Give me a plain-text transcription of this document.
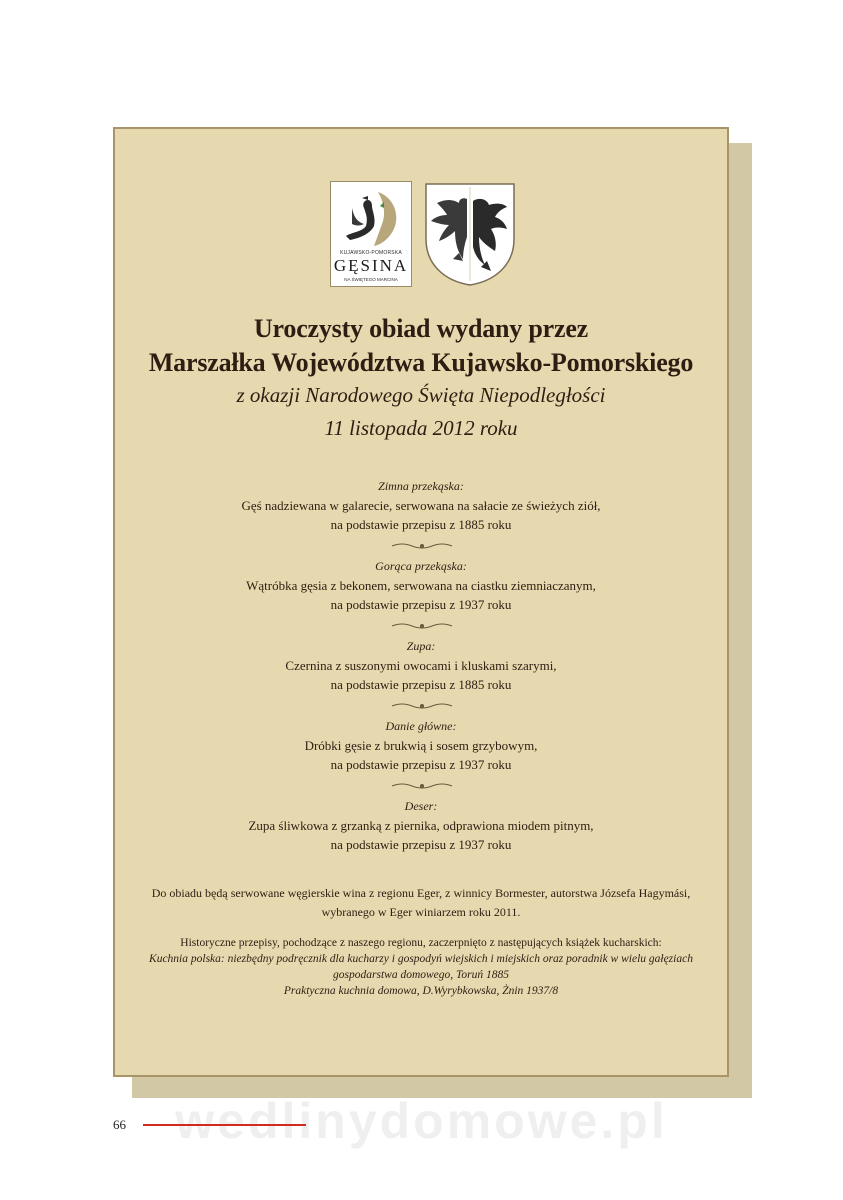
KUJAWSKO-POMORSKA
GĘSINA
NA ŚWIĘTEGO MARCINA
Uroczysty obiad wydany przez
Marszałka Województwa Kujawsko-Pomorskiego
z okazji Narodowego Święta Niepodległości
11 listopada 2012 roku
Zimna przekąska:
Gęś nadziewana w galarecie, serwowana na sałacie ze świeżych ziół,
na podstawie przepisu z 1885 roku
Gorąca przekąska:
Wątróbka gęsia z bekonem, serwowana na ciastku ziemniaczanym,
na podstawie przepisu z 1937 roku
Zupa:
Czernina z suszonymi owocami i kluskami szarymi,
na podstawie przepisu z 1885 roku
Danie główne:
Dróbki gęsie z brukwią i sosem grzybowym,
na podstawie przepisu z 1937 roku
Deser:
Zupa śliwkowa z grzanką z piernika, odprawiona miodem pitnym,
na podstawie przepisu z 1937 roku
Do obiadu będą serwowane węgierskie wina z regionu Eger, z winnicy Bormester, autorstwa Józsefa Hagymási,
wybranego w Eger winiarzem roku 2011.
Historyczne przepisy, pochodzące z naszego regionu, zaczerpnięto z następujących książek kucharskich:
Kuchnia polska: niezbędny podręcznik dla kucharzy i gospodyń wiejskich i miejskich oraz poradnik w wielu gałęziach
gospodarstwa domowego, Toruń 1885
Praktyczna kuchnia domowa, D.Wyrybkowska, Żnin 1937/8
wedlinydomowe.pl
66
